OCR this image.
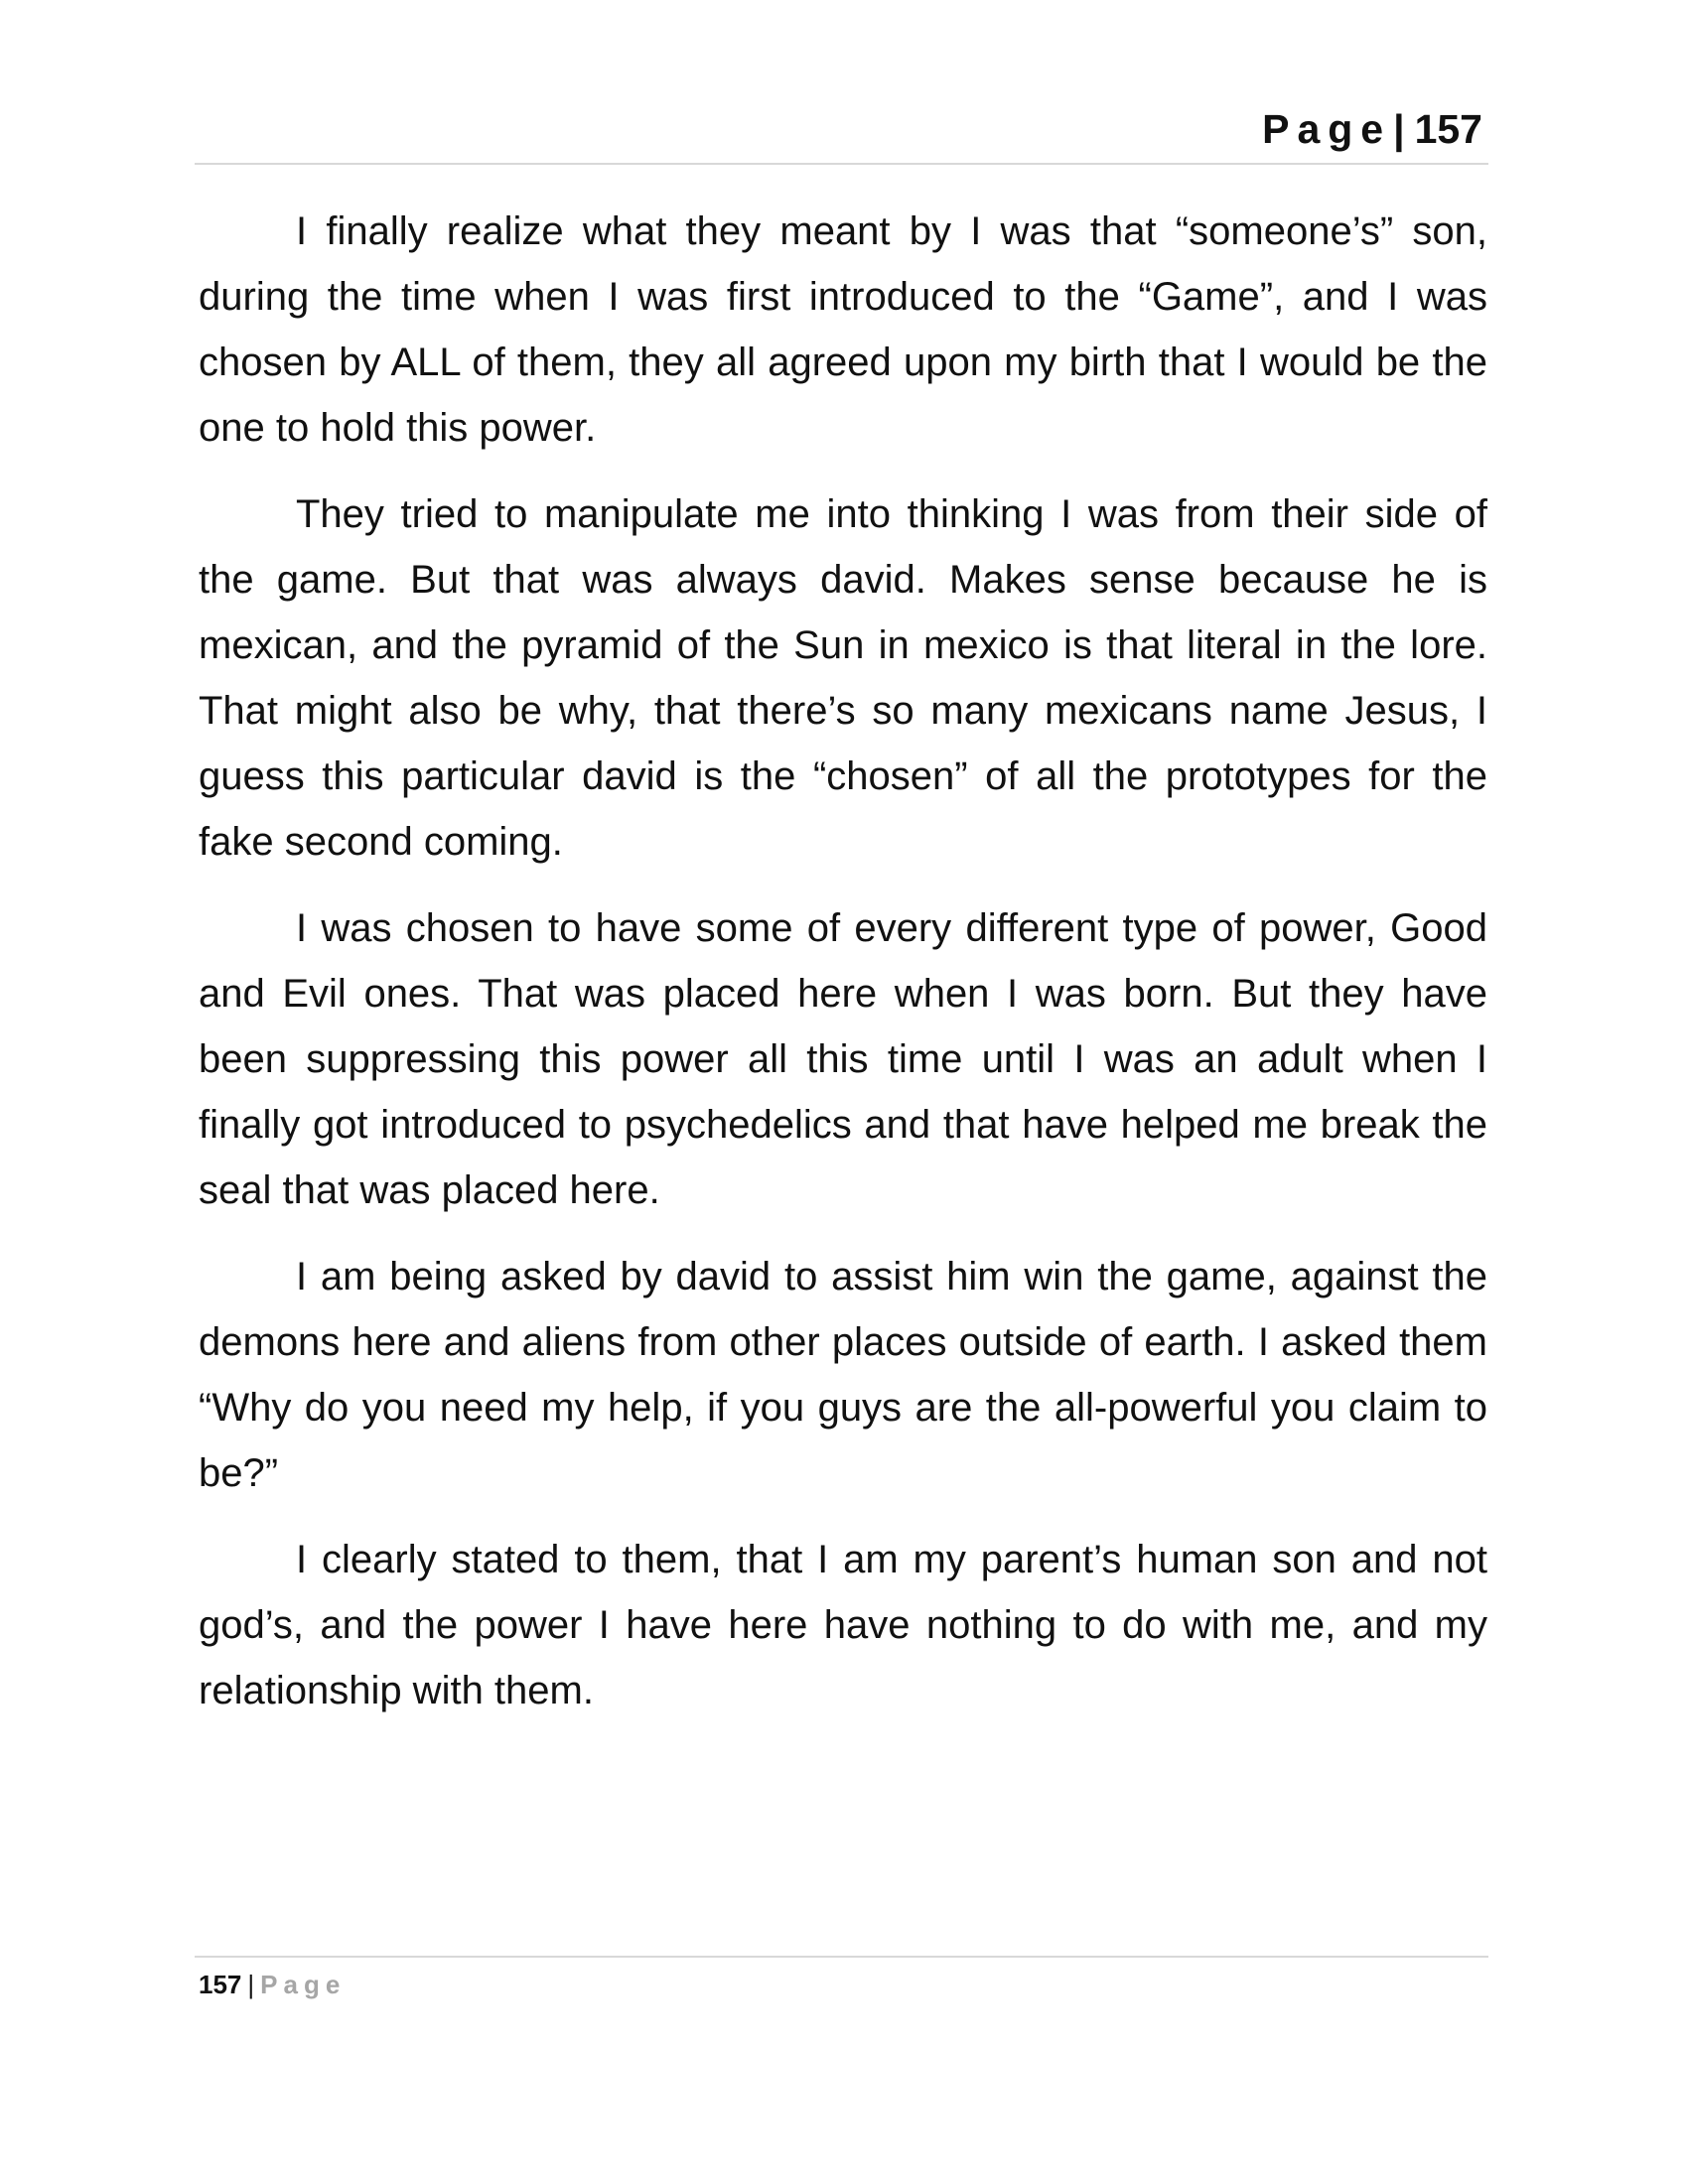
Page| 157

I finally realize what they meant by I was that “someone’s” son, during the time when I was first introduced to the “Game”, and I was chosen by ALL of them, they all agreed upon my birth that I would be the one to hold this power.

They tried to manipulate me into thinking I was from their side of the game. But that was always david. Makes sense because he is mexican, and the pyramid of the Sun in mexico is that literal in the lore. That might also be why, that there’s so many mexicans name Jesus, I guess this particular david is the “chosen” of all the prototypes for the fake second coming.

I was chosen to have some of every different type of power, Good and Evil ones. That was placed here when I was born. But they have been suppressing this power all this time until I was an adult when I finally got introduced to psychedelics and that have helped me break the seal that was placed here.

I am being asked by david to assist him win the game, against the demons here and aliens from other places outside of earth. I asked them “Why do you need my help, if you guys are the all-powerful you claim to be?”

I clearly stated to them, that I am my parent’s human son and not god’s, and the power I have here have nothing to do with me, and my relationship with them.

157 | Page
